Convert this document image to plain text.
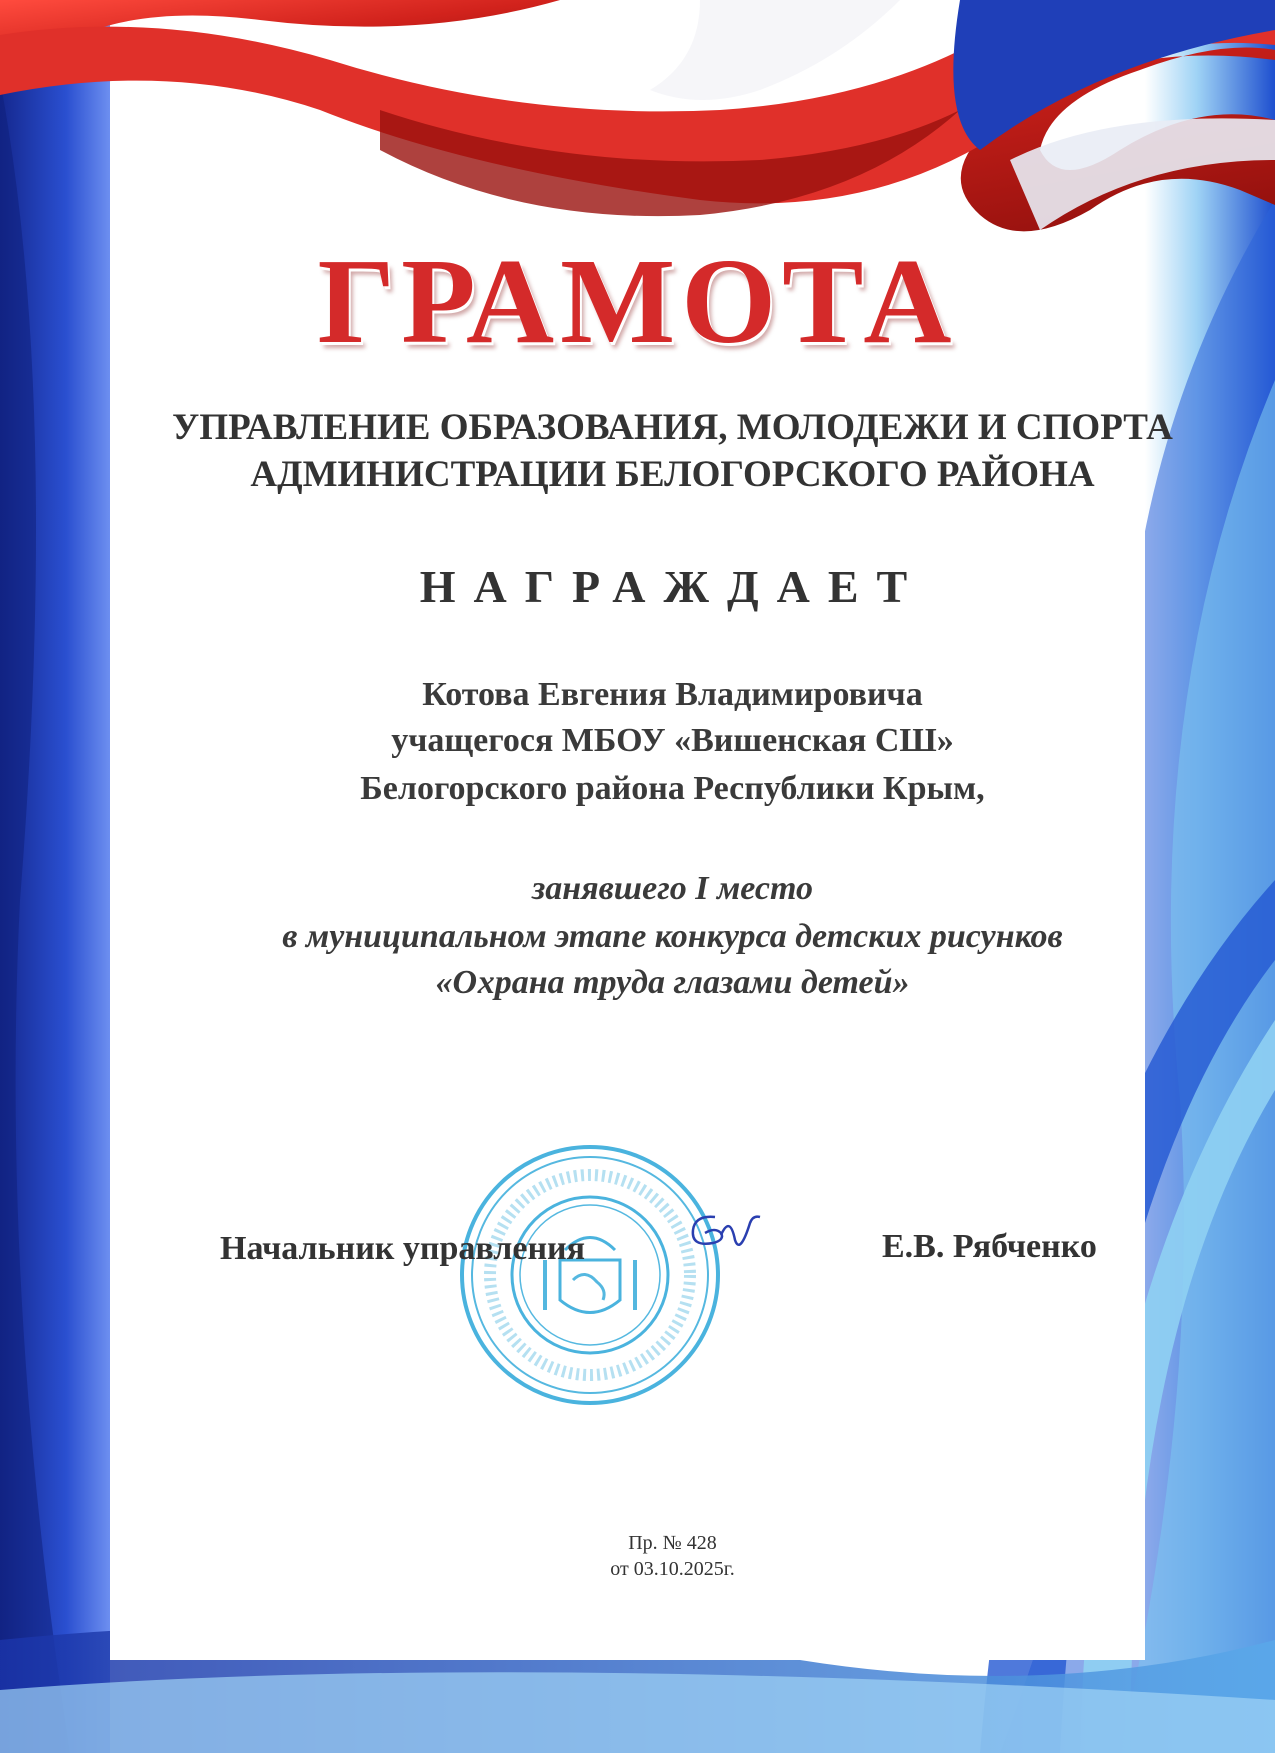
ГРАМОТА
УПРАВЛЕНИЕ ОБРАЗОВАНИЯ, МОЛОДЕЖИ И СПОРТА
АДМИНИСТРАЦИИ БЕЛОГОРСКОГО РАЙОНА
НАГРАЖДАЕТ
Котова Евгения Владимировича
учащегося МБОУ «Вишенская СШ»
Белогорского района Республики Крым,
занявшего I место
в муниципальном этапе конкурса детских рисунков
«Охрана труда глазами детей»
Начальник управления	Е.В. Рябченко
Пр. № 428
от 03.10.2025г.
